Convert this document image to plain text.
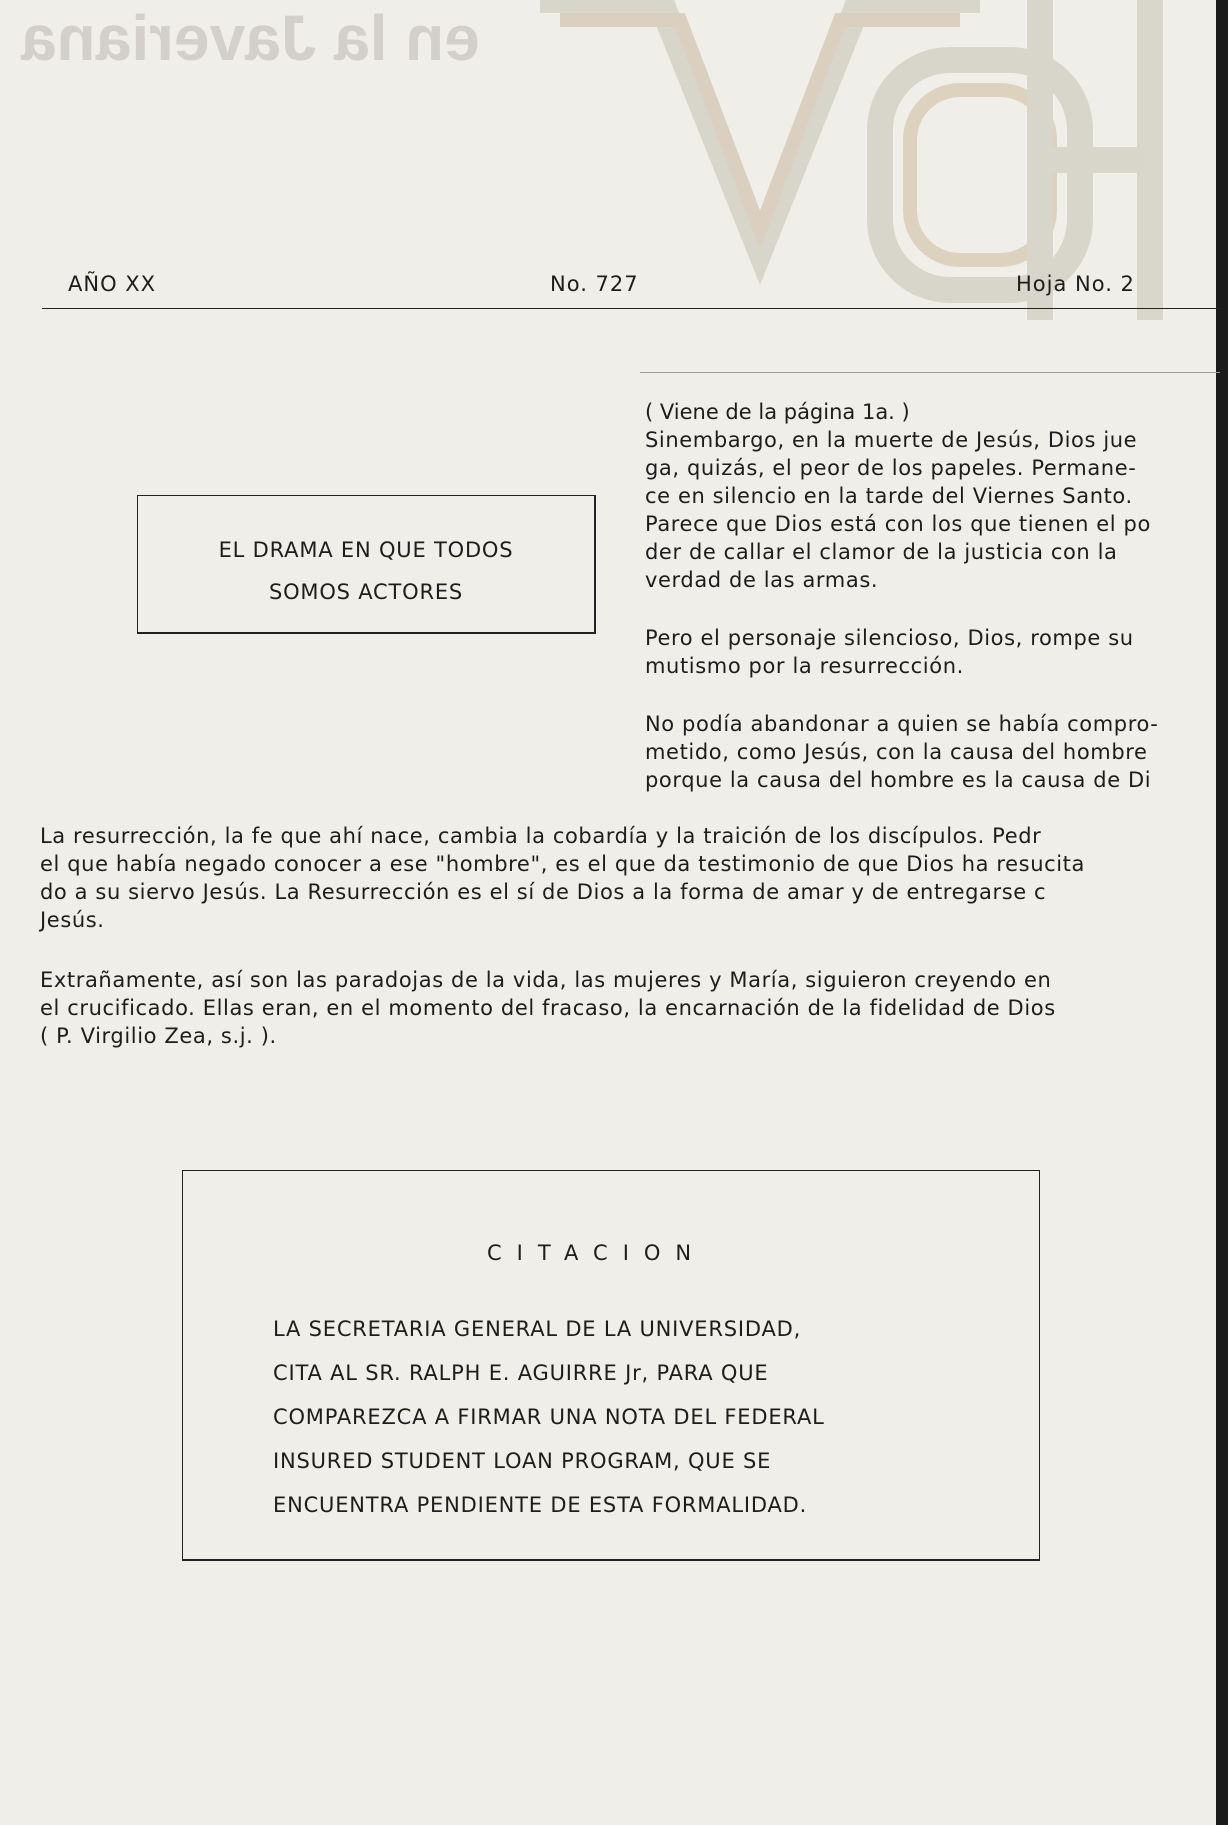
en la Javeriana
AÑO XX	No. 727	Hoja No. 2
( Viene de la página 1a. )
EL DRAMA EN QUE TODOS
SOMOS ACTORES
Sinembargo, en la muerte de Jesús, Dios jue
ga, quizás, el peor de los papeles. Permane-
ce en silencio en la tarde del Viernes Santo.
Parece que Dios está con los que tienen el po
der de callar el clamor de la justicia con la
verdad de las armas.
Pero el personaje silencioso, Dios, rompe su
mutismo por la resurrección.
No podía abandonar a quien se había compro-
metido, como Jesús, con la causa del hombre
porque la causa del hombre es la causa de Di
La resurrección, la fe que ahí nace, cambia la cobardía y la traición de los discípulos. Pedr
el que había negado conocer a ese "hombre", es el que da testimonio de que Dios ha resucita
do a su siervo Jesús. La Resurrección es el sí de Dios a la forma de amar y de entregarse c
Jesús.
Extrañamente, así son las paradojas de la vida, las mujeres y María, siguieron creyendo en
el crucificado. Ellas eran, en el momento del fracaso, la encarnación de la fidelidad de Dios
( P. Virgilio Zea, s.j. ).
CITACION
LA SECRETARIA GENERAL DE LA UNIVERSIDAD,
CITA AL SR. RALPH E. AGUIRRE Jr, PARA QUE
COMPAREZCA A FIRMAR UNA NOTA DEL FEDERAL
INSURED STUDENT LOAN PROGRAM, QUE SE
ENCUENTRA PENDIENTE DE ESTA FORMALIDAD.
